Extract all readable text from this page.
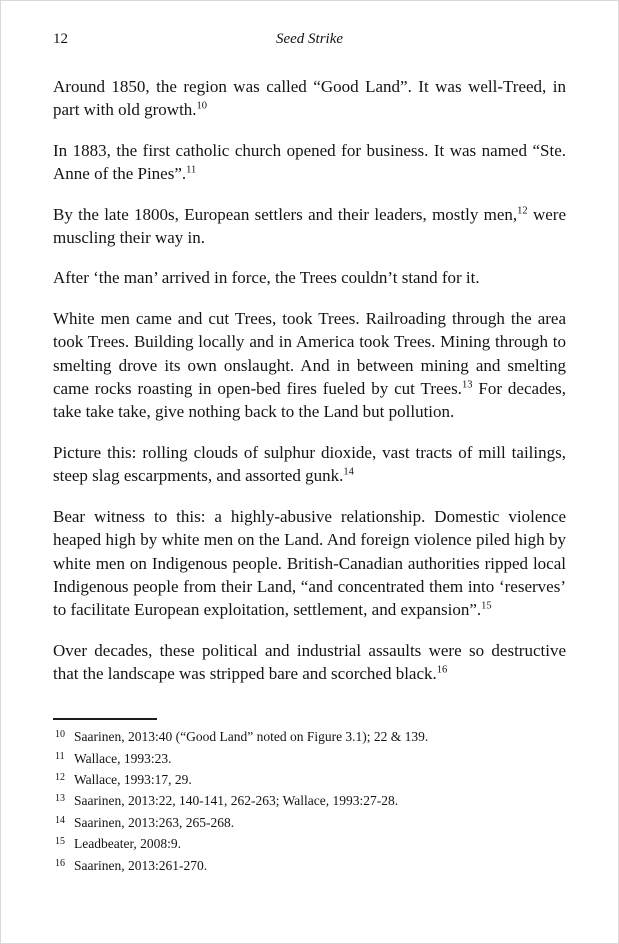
12	Seed Strike

Around 1850, the region was called “Good Land”. It was well-Treed, in part with old growth.$^{10}$

In 1883, the first catholic church opened for business. It was named “Ste. Anne of the Pines”.$^{11}$

By the late 1800s, European settlers and their leaders, mostly men,$^{12}$ were muscling their way in.

After ‘the man’ arrived in force, the Trees couldn’t stand for it.

White men came and cut Trees, took Trees. Railroading through the area took Trees. Building locally and in America took Trees. Mining through to smelting drove its own onslaught. And in between mining and smelting came rocks roasting in open-bed fires fueled by cut Trees.$^{13}$ For decades, take take take, give nothing back to the Land but pollution.

Picture this: rolling clouds of sulphur dioxide, vast tracts of mill tailings, steep slag escarpments, and assorted gunk.$^{14}$

Bear witness to this: a highly-abusive relationship. Domestic violence heaped high by white men on the Land. And foreign violence piled high by white men on Indigenous people. British-Canadian authorities ripped local Indigenous people from their Land, “and concentrated them into ‘reserves’ to facilitate European exploitation, settlement, and expansion”.$^{15}$

Over decades, these political and industrial assaults were so destructive that the landscape was stripped bare and scorched black.$^{16}$

10 Saarinen, 2013:40 (“Good Land” noted on Figure 3.1); 22 & 139.
11 Wallace, 1993:23.
12 Wallace, 1993:17, 29.
13 Saarinen, 2013:22, 140-141, 262-263; Wallace, 1993:27-28.
14 Saarinen, 2013:263, 265-268.
15 Leadbeater, 2008:9.
16 Saarinen, 2013:261-270.
